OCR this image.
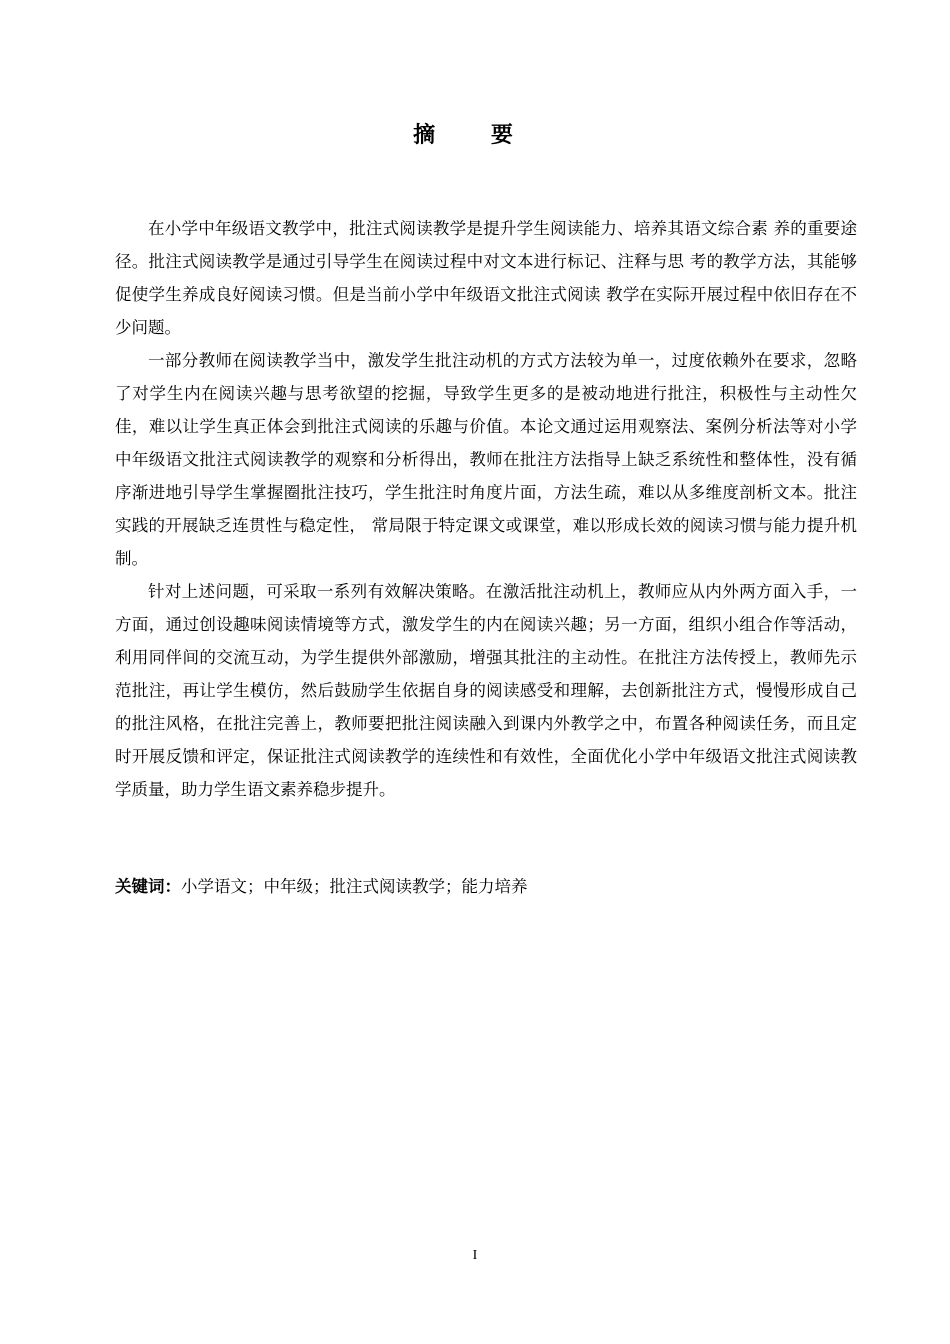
摘 要

在小学中年级语文教学中，批注式阅读教学是提升学生阅读能力、培养其语文综合素 养的重要途径。批注式阅读教学是通过引导学生在阅读过程中对文本进行标记、注释与思 考的教学方法，其能够促使学生养成良好阅读习惯。但是当前小学中年级语文批注式阅读 教学在实际开展过程中依旧存在不少问题。

一部分教师在阅读教学当中，激发学生批注动机的方式方法较为单一，过度依赖外在要求，忽略了对学生内在阅读兴趣与思考欲望的挖掘，导致学生更多的是被动地进行批注，积极性与主动性欠佳，难以让学生真正体会到批注式阅读的乐趣与价值。本论文通过运用观察法、案例分析法等对小学中年级语文批注式阅读教学的观察和分析得出，教师在批注方法指导上缺乏系统性和整体性，没有循序渐进地引导学生掌握圈批注技巧，学生批注时角度片面，方法生疏，难以从多维度剖析文本。批注实践的开展缺乏连贯性与稳定性， 常局限于特定课文或课堂，难以形成长效的阅读习惯与能力提升机制。

针对上述问题，可采取一系列有效解决策略。在激活批注动机上，教师应从内外两方面入手，一方面，通过创设趣味阅读情境等方式，激发学生的内在阅读兴趣；另一方面，组织小组合作等活动，利用同伴间的交流互动，为学生提供外部激励，增强其批注的主动性。在批注方法传授上，教师先示范批注，再让学生模仿，然后鼓励学生依据自身的阅读感受和理解，去创新批注方式，慢慢形成自己的批注风格，在批注完善上，教师要把批注阅读融入到课内外教学之中，布置各种阅读任务，而且定时开展反馈和评定，保证批注式阅读教学的连续性和有效性，全面优化小学中年级语文批注式阅读教学质量，助力学生语文素养稳步提升。

关键词：小学语文；中年级；批注式阅读教学；能力培养
I
